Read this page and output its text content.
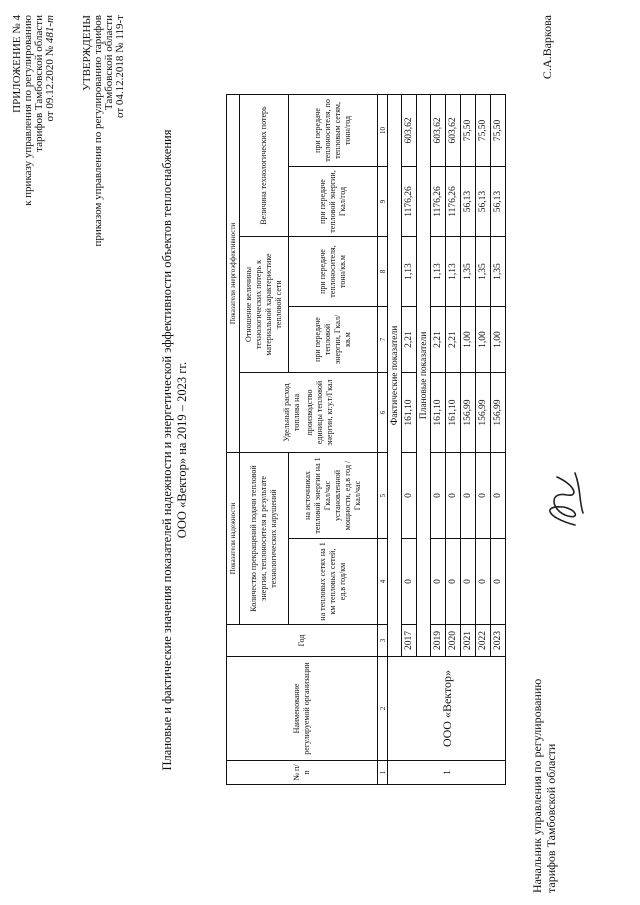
ПРИЛОЖЕНИЕ № 4 к приказу управления по регулированию тарифов Тамбовской области от 09.12.2020 № 481-т УТВЕРЖДЕНЫ приказом управления по регулированию тарифов Тамбовской области от 04.12.2018 № 119-т
Плановые и фактические значения показателей надежности и энергетической эффективности объектов теплоснабжения ООО «Вектор» на 2019 – 2023 гг.
№ п/п	Наименование регулируемой организации	Год	Показатели надежности		Показатели энергоэффективности				
			Количество прекращений подачи тепловой энергии, теплоносителя в результате технологических нарушений		Удельный расход топлива на производство единицы тепловой энергии, кг.у.т/Гкал	Отношение величины технологических потерь к материальной характеристике тепловой сети		Величина технологических потерь	
			на тепловых сетях на 1 км тепловых сетей, ед.в год/км	на источниках тепловой энергии на 1 Гкал/час установленной мощности, ед.в год /Гкал/час		при передаче тепловой энергии, Гкал/кв.м	при передаче теплоносителя, тонн/кв.м	при передаче тепловой энергии, Гкал/год	при передаче теплоносителя, по тепловым сетям, тонн/год
1	2	3	4	5	6	7	8	9	10
1	ООО «Вектор»	Фактические показатели							
		2017	0	0	161,10	2,21	1,13	1176,26	603,62
		Плановые показатели							
		2019	0	0	161,10	2,21	1,13	1176,26	603,62
		2020	0	0	161,10	2,21	1,13	1176,26	603,62
		2021	0	0	156,99	1,00	1,35	56,13	75,50
		2022	0	0	156,99	1,00	1,35	56,13	75,50
		2023	0	0	156,99	1,00	1,35	56,13	75,50
Начальник управления по регулированию тарифов Тамбовской области
С.А.Варкова
